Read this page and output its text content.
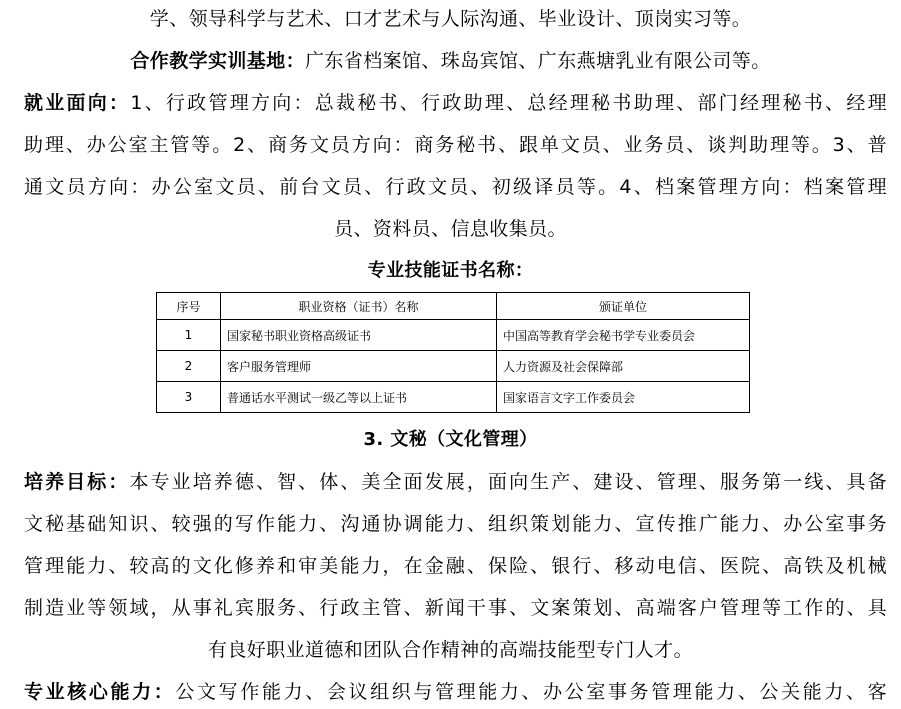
学、领导科学与艺术、口才艺术与人际沟通、毕业设计、顶岗实习等。
合作教学实训基地：广东省档案馆、珠岛宾馆、广东燕塘乳业有限公司等。
就业面向：1、行政管理方向：总裁秘书、行政助理、总经理秘书助理、部门经理秘书、经理
助理、办公室主管等。2、商务文员方向：商务秘书、跟单文员、业务员、谈判助理等。3、普
通文员方向：办公室文员、前台文员、行政文员、初级译员等。4、档案管理方向：档案管理
员、资料员、信息收集员。
专业技能证书名称：
序号	职业资格（证书）名称	颁证单位
1	国家秘书职业资格高级证书	中国高等教育学会秘书学专业委员会
2	客户服务管理师	人力资源及社会保障部
3	普通话水平测试一级乙等以上证书	国家语言文字工作委员会
3. 文秘（文化管理）
培养目标：本专业培养德、智、体、美全面发展，面向生产、建设、管理、服务第一线、具备
文秘基础知识、较强的写作能力、沟通协调能力、组织策划能力、宣传推广能力、办公室事务
管理能力、较高的文化修养和审美能力，在金融、保险、银行、移动电信、医院、高铁及机械
制造业等领域，从事礼宾服务、行政主管、新闻干事、文案策划、高端客户管理等工作的、具
有良好职业道德和团队合作精神的高端技能型专门人才。
专业核心能力：公文写作能力、会议组织与管理能力、办公室事务管理能力、公关能力、客
